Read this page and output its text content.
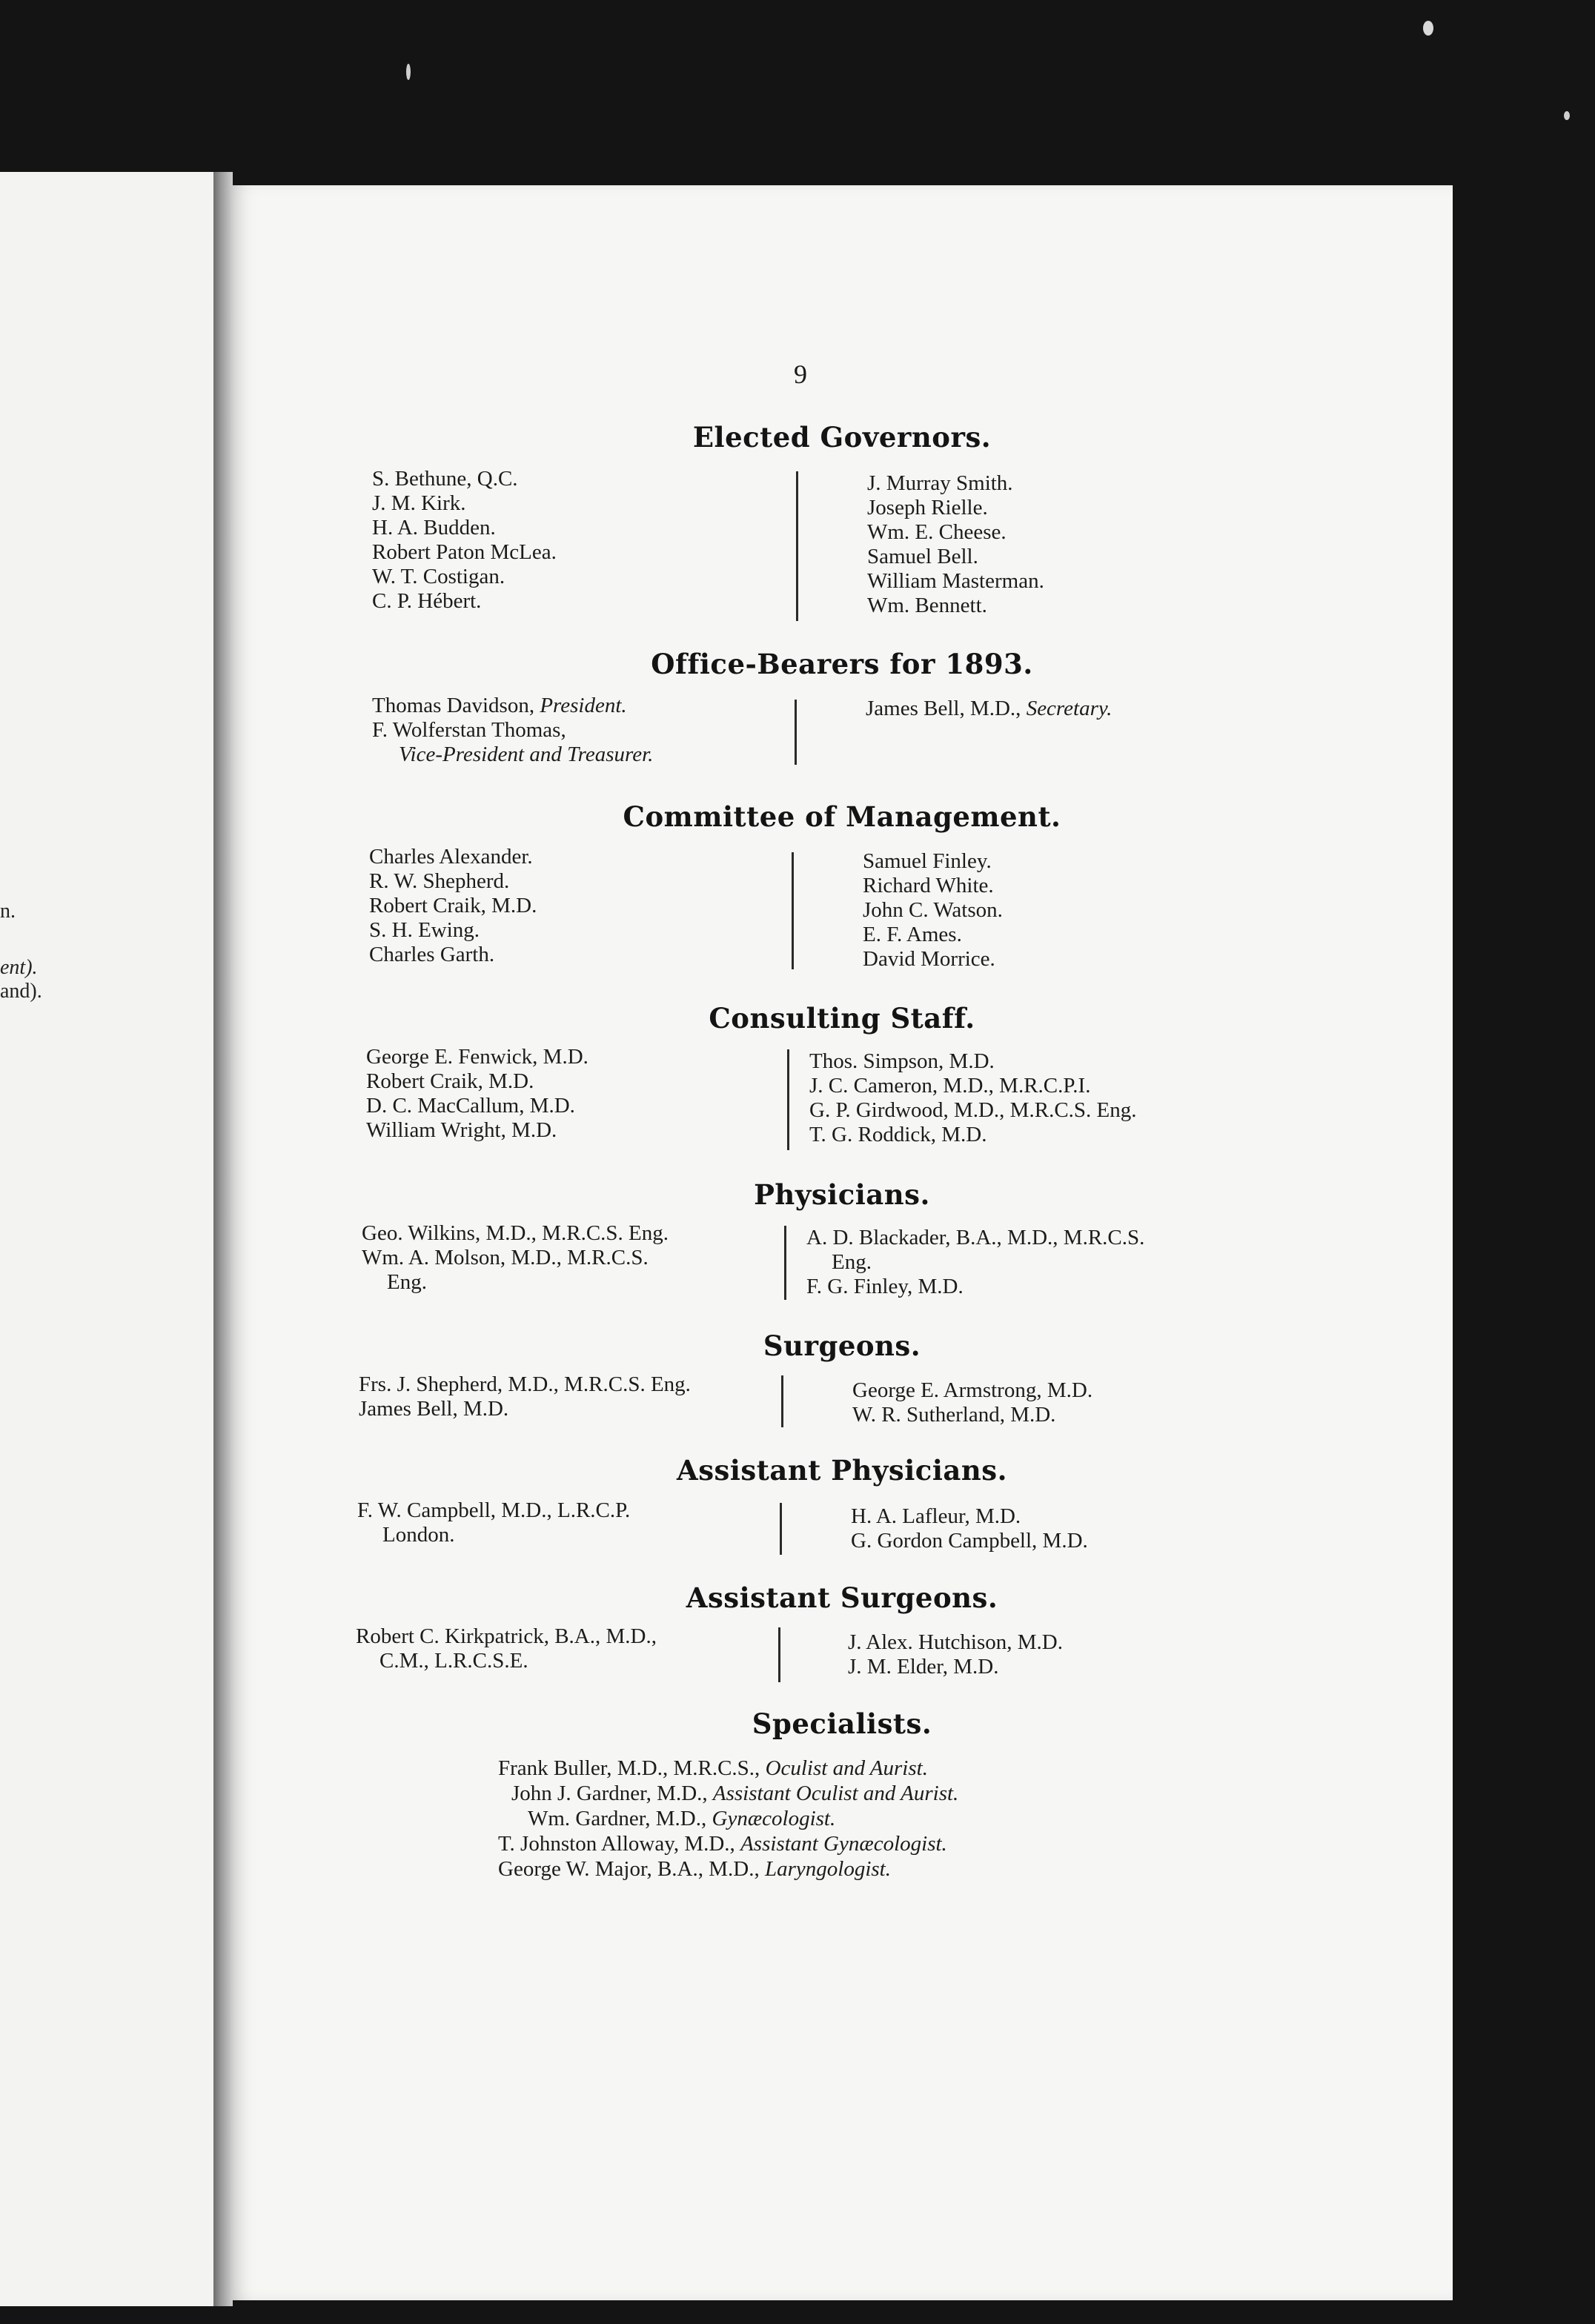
n.
ent).
and).
9
Elected Governors.
S. Bethune, Q.C.
J. M. Kirk.
H. A. Budden.
Robert Paton McLea.
W. T. Costigan.
C. P. Hébert.
J. Murray Smith.
Joseph Rielle.
Wm. E. Cheese.
Samuel Bell.
William Masterman.
Wm. Bennett.
Office-Bearers for 1893.
Thomas Davidson, President.
F. Wolferstan Thomas,
Vice-President and Treasurer.
James Bell, M.D., Secretary.
Committee of Management.
Charles Alexander.
R. W. Shepherd.
Robert Craik, M.D.
S. H. Ewing.
Charles Garth.
Samuel Finley.
Richard White.
John C. Watson.
E. F. Ames.
David Morrice.
Consulting Staff.
George E. Fenwick, M.D.
Robert Craik, M.D.
D. C. MacCallum, M.D.
William Wright, M.D.
Thos. Simpson, M.D.
J. C. Cameron, M.D., M.R.C.P.I.
G. P. Girdwood, M.D., M.R.C.S. Eng.
T. G. Roddick, M.D.
Physicians.
Geo. Wilkins, M.D., M.R.C.S. Eng.
Wm. A. Molson, M.D., M.R.C.S.
Eng.
A. D. Blackader, B.A., M.D., M.R.C.S.
Eng.
F. G. Finley, M.D.
Surgeons.
Frs. J. Shepherd, M.D., M.R.C.S. Eng.
James Bell, M.D.
George E. Armstrong, M.D.
W. R. Sutherland, M.D.
Assistant Physicians.
F. W. Campbell, M.D., L.R.C.P.
London.
H. A. Lafleur, M.D.
G. Gordon Campbell, M.D.
Assistant Surgeons.
Robert C. Kirkpatrick, B.A., M.D.,
C.M., L.R.C.S.E.
J. Alex. Hutchison, M.D.
J. M. Elder, M.D.
Specialists.
Frank Buller, M.D., M.R.C.S., Oculist and Aurist.
John J. Gardner, M.D., Assistant Oculist and Aurist.
Wm. Gardner, M.D., Gynæcologist.
T. Johnston Alloway, M.D., Assistant Gynæcologist.
George W. Major, B.A., M.D., Laryngologist.
